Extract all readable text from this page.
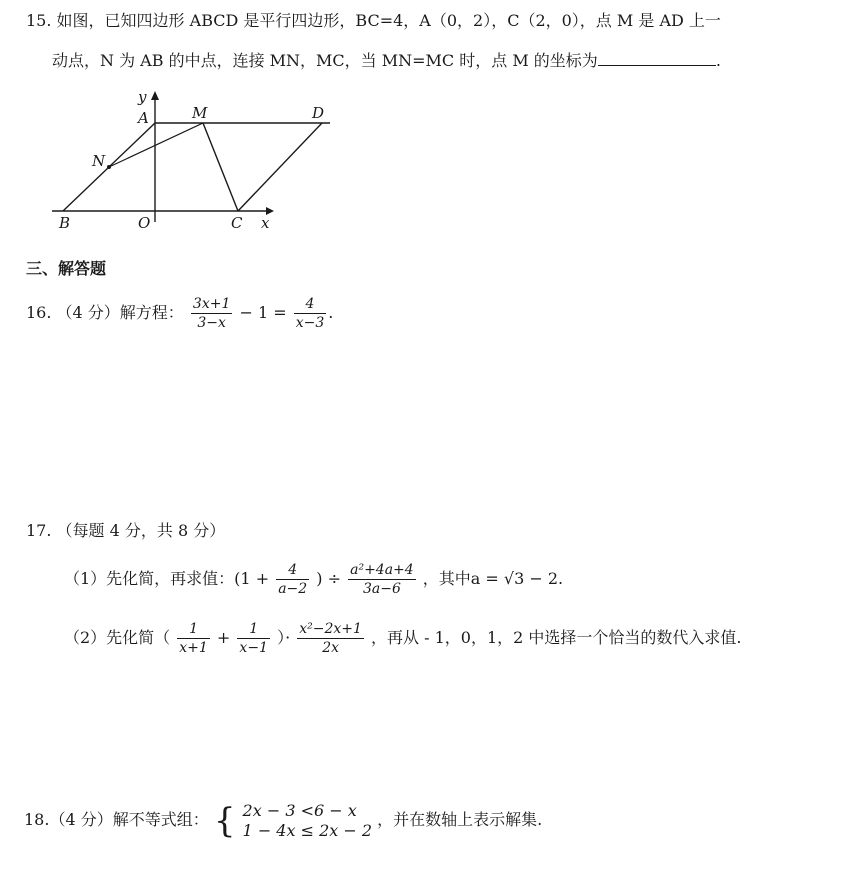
15. 如图，已知四边形 ABCD 是平行四边形，BC=4，A（0，2），C（2，0），点 M 是 AD 上一
动点，N 为 AB 的中点，连接 MN，MC，当 MN=MC 时，点 M 的坐标为	.
y
A	M	D
N
B	O	C x
三、解答题
16. （4 分）解方程： $\frac{3x+1}{3-x} - 1 = \frac{4}{x-3}$ .
17. （每题 4 分，共 8 分）
（1）先化简，再求值：($1 + \frac{4}{a-2}$ ) ÷ $\frac{\text{a²+4a+4}}{3a-6}$ ，其中a = √3 − 2.
（2）先化简（ $\frac{1}{x+1} + \frac{1}{x-1}$ ）· $\frac{\text{x²−2x+1}}{2x}$ ，再从 - 1，0，1，2 中选择一个恰当的数代入求值.
18.（4 分）解不等式组： { 2x − 3 <6 − x
1 − 4x ≤ 2x − 2
，并在数轴上表示解集.
